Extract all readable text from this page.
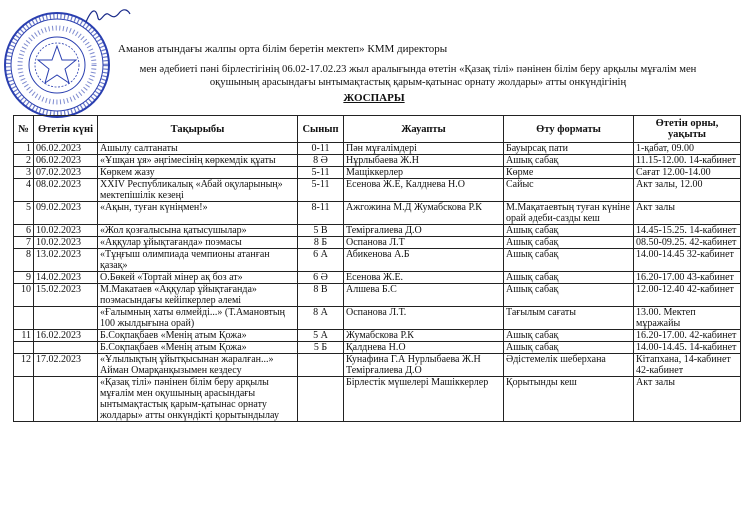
Аманов атындағы жалпы орта білім беретін мектеп» КММ директоры
мен әдебиеті пәні бірлестігінің 06.02-17.02.23 жыл аралығында өтетін «Қазақ тілі» пәнінен білім беру арқылы мұғалім мен
оқушының арасындағы ынтымақтастық қарым-қатынас орнату жолдары» атты онкүндігінің
ЖОСПАРЫ
№	Өтетін күні	Тақырыбы	Сынып	Жауапты	Өту форматы	Өтетін орны, уақыты
1	06.02.2023	Ашылу салтанаты	0-11	Пән мұғалімдері	Бауырсақ пати	1-қабат, 09.00
2	06.02.2023	«Ұшқан ұя» әңгімесінің көркемдік құаты	8 Ә	Нұрлыбаева Ж.Н	Ашық сабақ	11.15-12.00. 14-кабинет
3	07.02.2023	Көркем жазу	5-11	Мащіккерлер	Көрме	Сағат 12.00-14.00
4	08.02.2023	XXIV Республикалық «Абай оқуларының» мектепішілік кезеңі	5-11	Есенова Ж.Е, Калднева Н.О	Сайыс	Акт залы, 12.00
5	09.02.2023	«Ақын, туған күніңмен!»	8-11	Ажгожина М.Д Жумабскова Р.К	М.Мақатаевтың туған күніне орай әдеби-сазды кеш	Акт залы
6	10.02.2023	«Жол қозғалысына қатысушылар»	5 В	Темірғалиева Д.О	Ашық сабақ	14.45-15.25. 14-кабинет
7	10.02.2023	«Аққулар ұйықтағанда» поэмасы	8 Б	Оспанова Л.Т	Ашық сабақ	08.50-09.25. 42-кабинет
8	13.02.2023	«Тұңғыш олимпиада чемпионы атанған қазақ»	6 А	Абикенова А.Б	Ашық сабақ	14.00-14.45 32-кабинет
9	14.02.2023	О.Бөкей «Тортай мінер ақ боз ат»	6 Ә	Есенова Ж.Е.	Ашық сабақ	16.20-17.00 43-кабинет
10	15.02.2023	М.Макатаев «Аққулар ұйықтағанда» поэмасындағы кейіпкерлер әлемі	8 В	Алшева Б.С	Ашық сабақ	12.00-12.40 42-кабинет
		«Ғалымның хаты өлмейді...» (Т.Амановтың 100 жылдығына орай)	8 А	Оспанова Л.Т.	Тағылым сағаты	13.00. Мектеп мұражайы
11	16.02.2023	Б.Соқпақбаев «Менің атым Қожа»	5 А	Жумабскова Р.К	Ашық сабақ	16.20-17.00. 42-кабинет
		Б.Соқпақбаев «Менің атым Қожа»	5 Б	Қалднева Н.О	Ашық сабақ	14.00-14.45. 14-кабинет
12	17.02.2023	«Ұлылықтың ұйытқысынан жаралған...» Айман Омарқанқызымен кездесу		Кунафина Г.А Нурлыбаева Ж.Н Темірғалиева Д.О	Әдістемелік шеберхана	Кітапхана, 14-кабинет 42-кабинет
		«Қазақ тілі» пәнінен білім беру арқылы мұғалім мен оқушының арасындағы ынтымақтастық қарым-қатынас орнату жолдары» атты онкүндікті қорытындылау		Бірлестік мүшелері Машіккерлер	Қорытынды кеш	Акт залы
